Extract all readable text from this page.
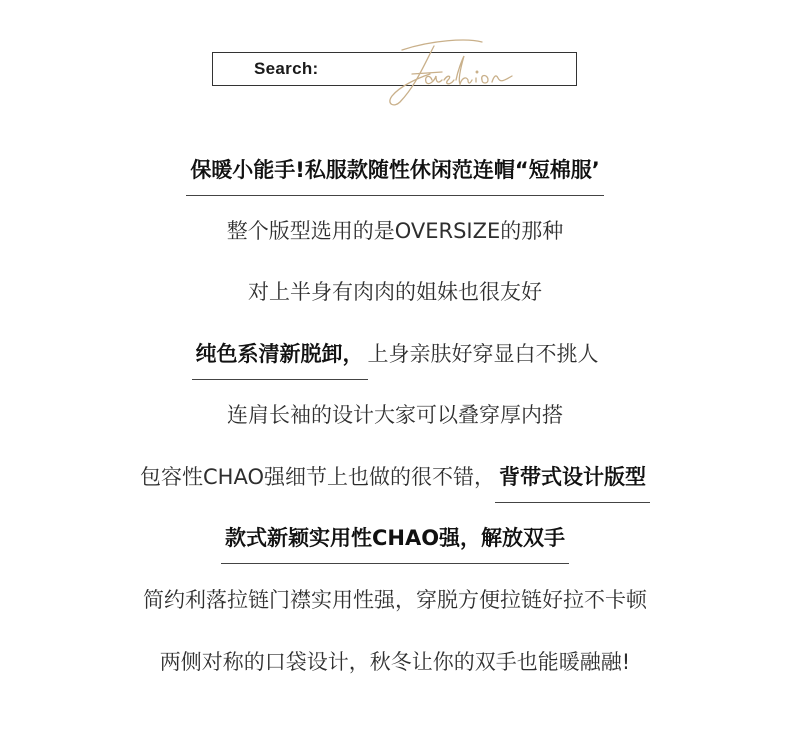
Search:
保暖小能手!私服款随性休闲范连帽“短棉服’
整个版型选用的是OVERSIZE的那种
对上半身有肉肉的姐妹也很友好
纯色系清新脱卸， 上身亲肤好穿显白不挑人
连肩长袖的设计大家可以叠穿厚内搭
包容性CHAO强细节上也做的很不错， 背带式设计版型
款式新颖实用性CHAO强，解放双手
简约利落拉链门襟实用性强，穿脱方便拉链好拉不卡顿
两侧对称的口袋设计，秋冬让你的双手也能暖融融!
